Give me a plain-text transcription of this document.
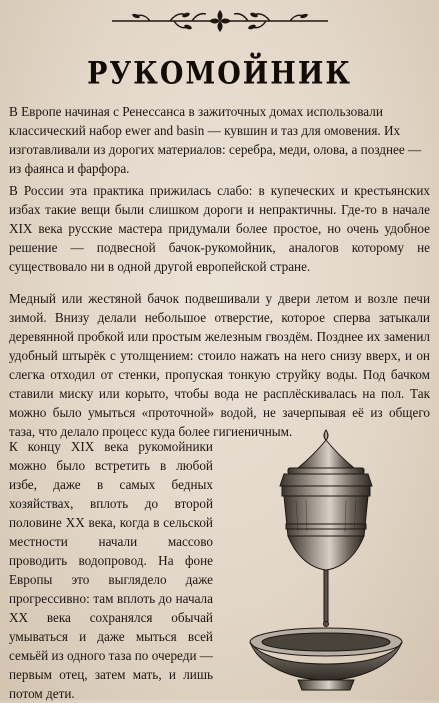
РУКОМОЙНИК

В Европе начиная с Ренессанса в зажиточных домах использовали классический набор ewer and basin — кувшин и таз для омовения. Их изготавливали из дорогих материалов: серебра, меди, олова, а позднее — из фаянса и фарфора.

В России эта практика прижилась слабо: в купеческих и крестьянских избах такие вещи были слишком дороги и непрактичны. Где-то в начале XIX века русские мастера придумали более простое, но очень удобное решение — подвесной бачок-рукомойник, аналогов которому не существовало ни в одной другой европейской стране.

Медный или жестяной бачок подвешивали у двери летом и возле печи зимой. Внизу делали небольшое отверстие, которое сперва затыкали деревянной пробкой или простым железным гвоздём. Позднее их заменил удобный штырёк с утолщением: стоило нажать на него снизу вверх, и он слегка отходил от стенки, пропуская тонкую струйку воды. Под бачком ставили миску или корыто, чтобы вода не расплёскивалась на пол. Так можно было умыться «проточной» водой, не зачерпывая её из общего таза, что делало процесс куда более гигиеничным.

К концу XIX века рукомойники можно было встретить в любой избе, даже в самых бедных хозяйствах, вплоть до второй половине XX века, когда в сельской местности начали массово проводить водопровод. На фоне Европы это выглядело даже прогрессивно: там вплоть до начала XX века сохранялся обычай умываться и даже мыться всей семьёй из одного таза по очереди — первым отец, затем мать, и лишь потом дети.
